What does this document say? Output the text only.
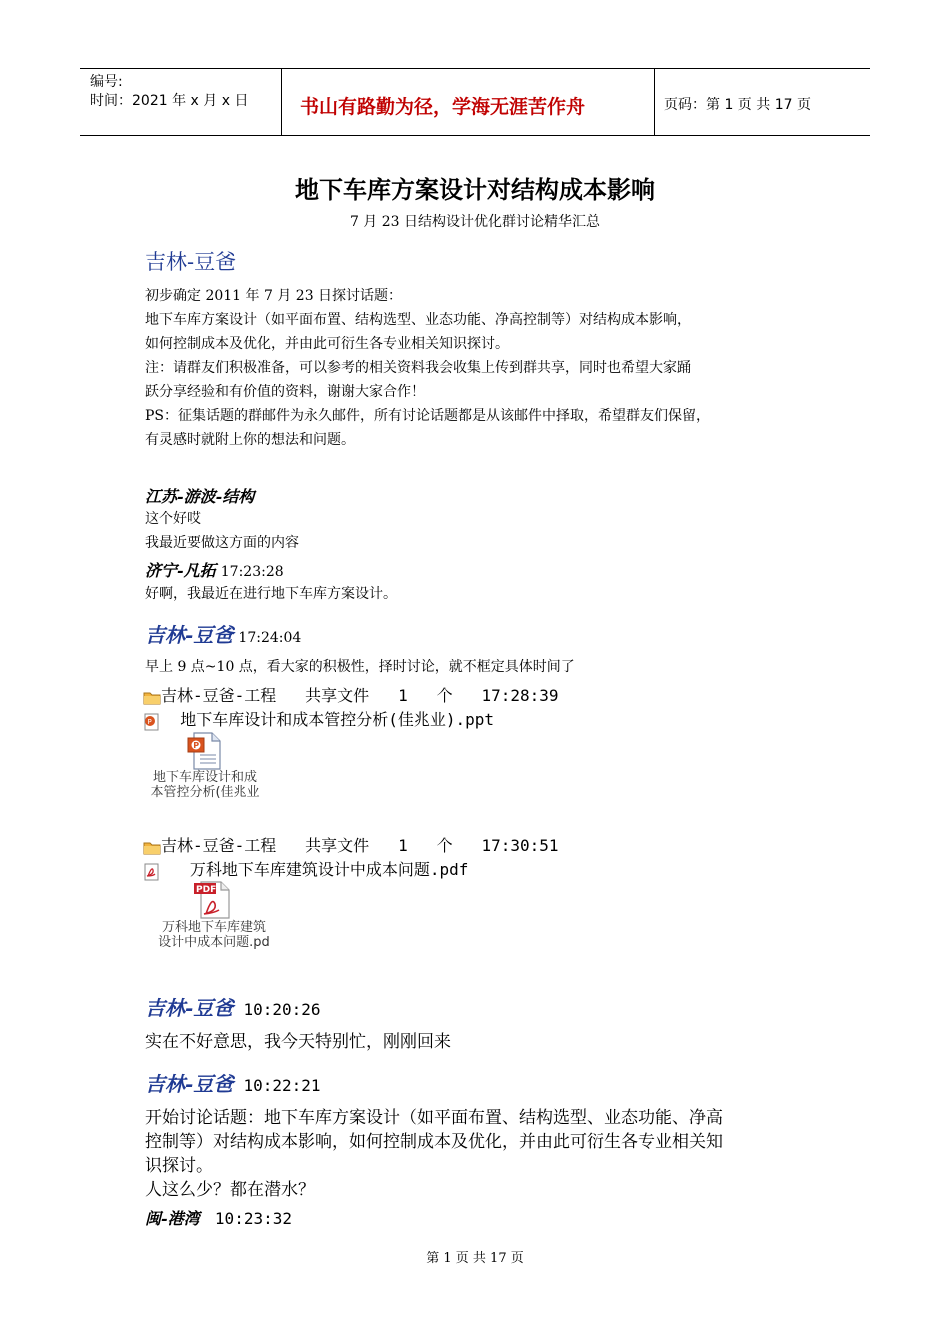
编号:
时间：2021 年 x 月 x 日	书山有路勤为径，学海无涯苦作舟	页码：第 1 页 共 17 页
地下车库方案设计对结构成本影响
7 月 23 日结构设计优化群讨论精华汇总
吉林-豆爸
初步确定 2011 年 7 月 23 日探讨话题：
地下车库方案设计（如平面布置、结构选型、业态功能、净高控制等）对结构成本影响，
如何控制成本及优化，并由此可衍生各专业相关知识探讨。
注：请群友们积极准备，可以参考的相关资料我会收集上传到群共享，同时也希望大家踊
跃分享经验和有价值的资料，谢谢大家合作！
PS：征集话题的群邮件为永久邮件，所有讨论话题都是从该邮件中择取，希望群友们保留，
有灵感时就附上你的想法和问题。
江苏-游波-结构
这个好哎
我最近要做这方面的内容
济宁-凡拓 17:23:28
好啊，我最近在进行地下车库方案设计。
吉林-豆爸 17:24:04
早上 9 点~10 点，看大家的积极性，择时讨论，就不框定具体时间了
吉林-豆爸-工程   共享文件   1   个   17:28:39
P 地下车库设计和成本管控分析(佳兆业).ppt
P
地下车库设计和成
本管控分析(佳兆业
吉林-豆爸-工程   共享文件   1   个   17:30:51
万科地下车库建筑设计中成本问题.pdf
PDF
万科地下车库建筑
设计中成本问题.pd
吉林-豆爸 10:20:26
实在不好意思，我今天特别忙，刚刚回来
吉林-豆爸 10:22:21
开始讨论话题：地下车库方案设计（如平面布置、结构选型、业态功能、净高
控制等）对结构成本影响，如何控制成本及优化，并由此可衍生各专业相关知
识探讨。
人这么少？都在潜水？
闽-港湾 10:23:32
第 1 页 共 17 页
